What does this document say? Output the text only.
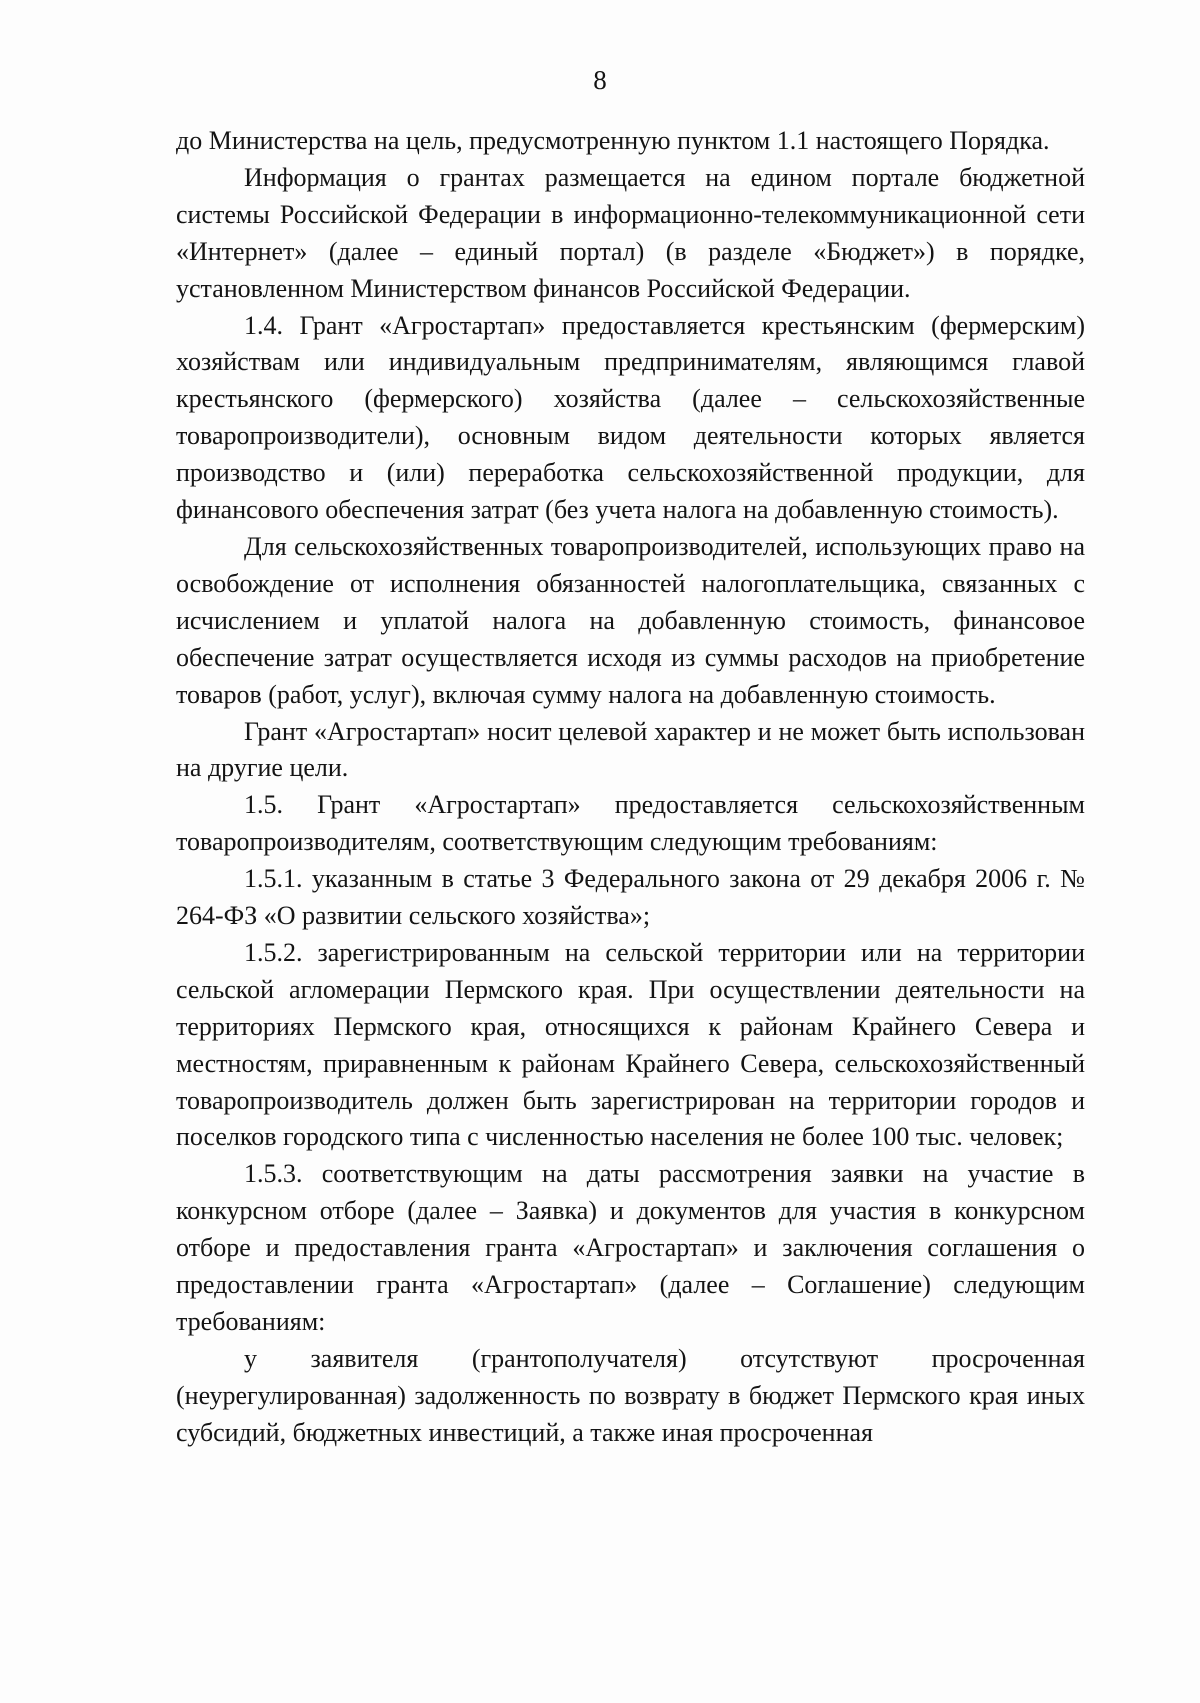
8

до Министерства на цель, предусмотренную пунктом 1.1 настоящего Порядка.

Информация о грантах размещается на едином портале бюджетной системы Российской Федерации в информационно-телекоммуникационной сети «Интернет» (далее – единый портал) (в разделе «Бюджет») в порядке, установленном Министерством финансов Российской Федерации.

1.4. Грант «Агростартап» предоставляется крестьянским (фермерским) хозяйствам или индивидуальным предпринимателям, являющимся главой крестьянского (фермерского) хозяйства (далее – сельскохозяйственные товаропроизводители), основным видом деятельности которых является производство и (или) переработка сельскохозяйственной продукции, для финансового обеспечения затрат (без учета налога на добавленную стоимость).

Для сельскохозяйственных товаропроизводителей, использующих право на освобождение от исполнения обязанностей налогоплательщика, связанных с исчислением и уплатой налога на добавленную стоимость, финансовое обеспечение затрат осуществляется исходя из суммы расходов на приобретение товаров (работ, услуг), включая сумму налога на добавленную стоимость.

Грант «Агростартап» носит целевой характер и не может быть использован на другие цели.

1.5. Грант «Агростартап» предоставляется сельскохозяйственным товаропроизводителям, соответствующим следующим требованиям:

1.5.1. указанным в статье 3 Федерального закона от 29 декабря 2006 г. № 264-ФЗ «О развитии сельского хозяйства»;

1.5.2. зарегистрированным на сельской территории или на территории сельской агломерации Пермского края. При осуществлении деятельности на территориях Пермского края, относящихся к районам Крайнего Севера и местностям, приравненным к районам Крайнего Севера, сельскохозяйственный товаропроизводитель должен быть зарегистрирован на территории городов и поселков городского типа с численностью населения не более 100 тыс. человек;

1.5.3. соответствующим на даты рассмотрения заявки на участие в конкурсном отборе (далее – Заявка) и документов для участия в конкурсном отборе и предоставления гранта «Агростартап» и заключения соглашения о предоставлении гранта «Агростартап» (далее – Соглашение) следующим требованиям:

у заявителя (грантополучателя) отсутствуют просроченная (неурегулированная) задолженность по возврату в бюджет Пермского края иных субсидий, бюджетных инвестиций, а также иная просроченная
